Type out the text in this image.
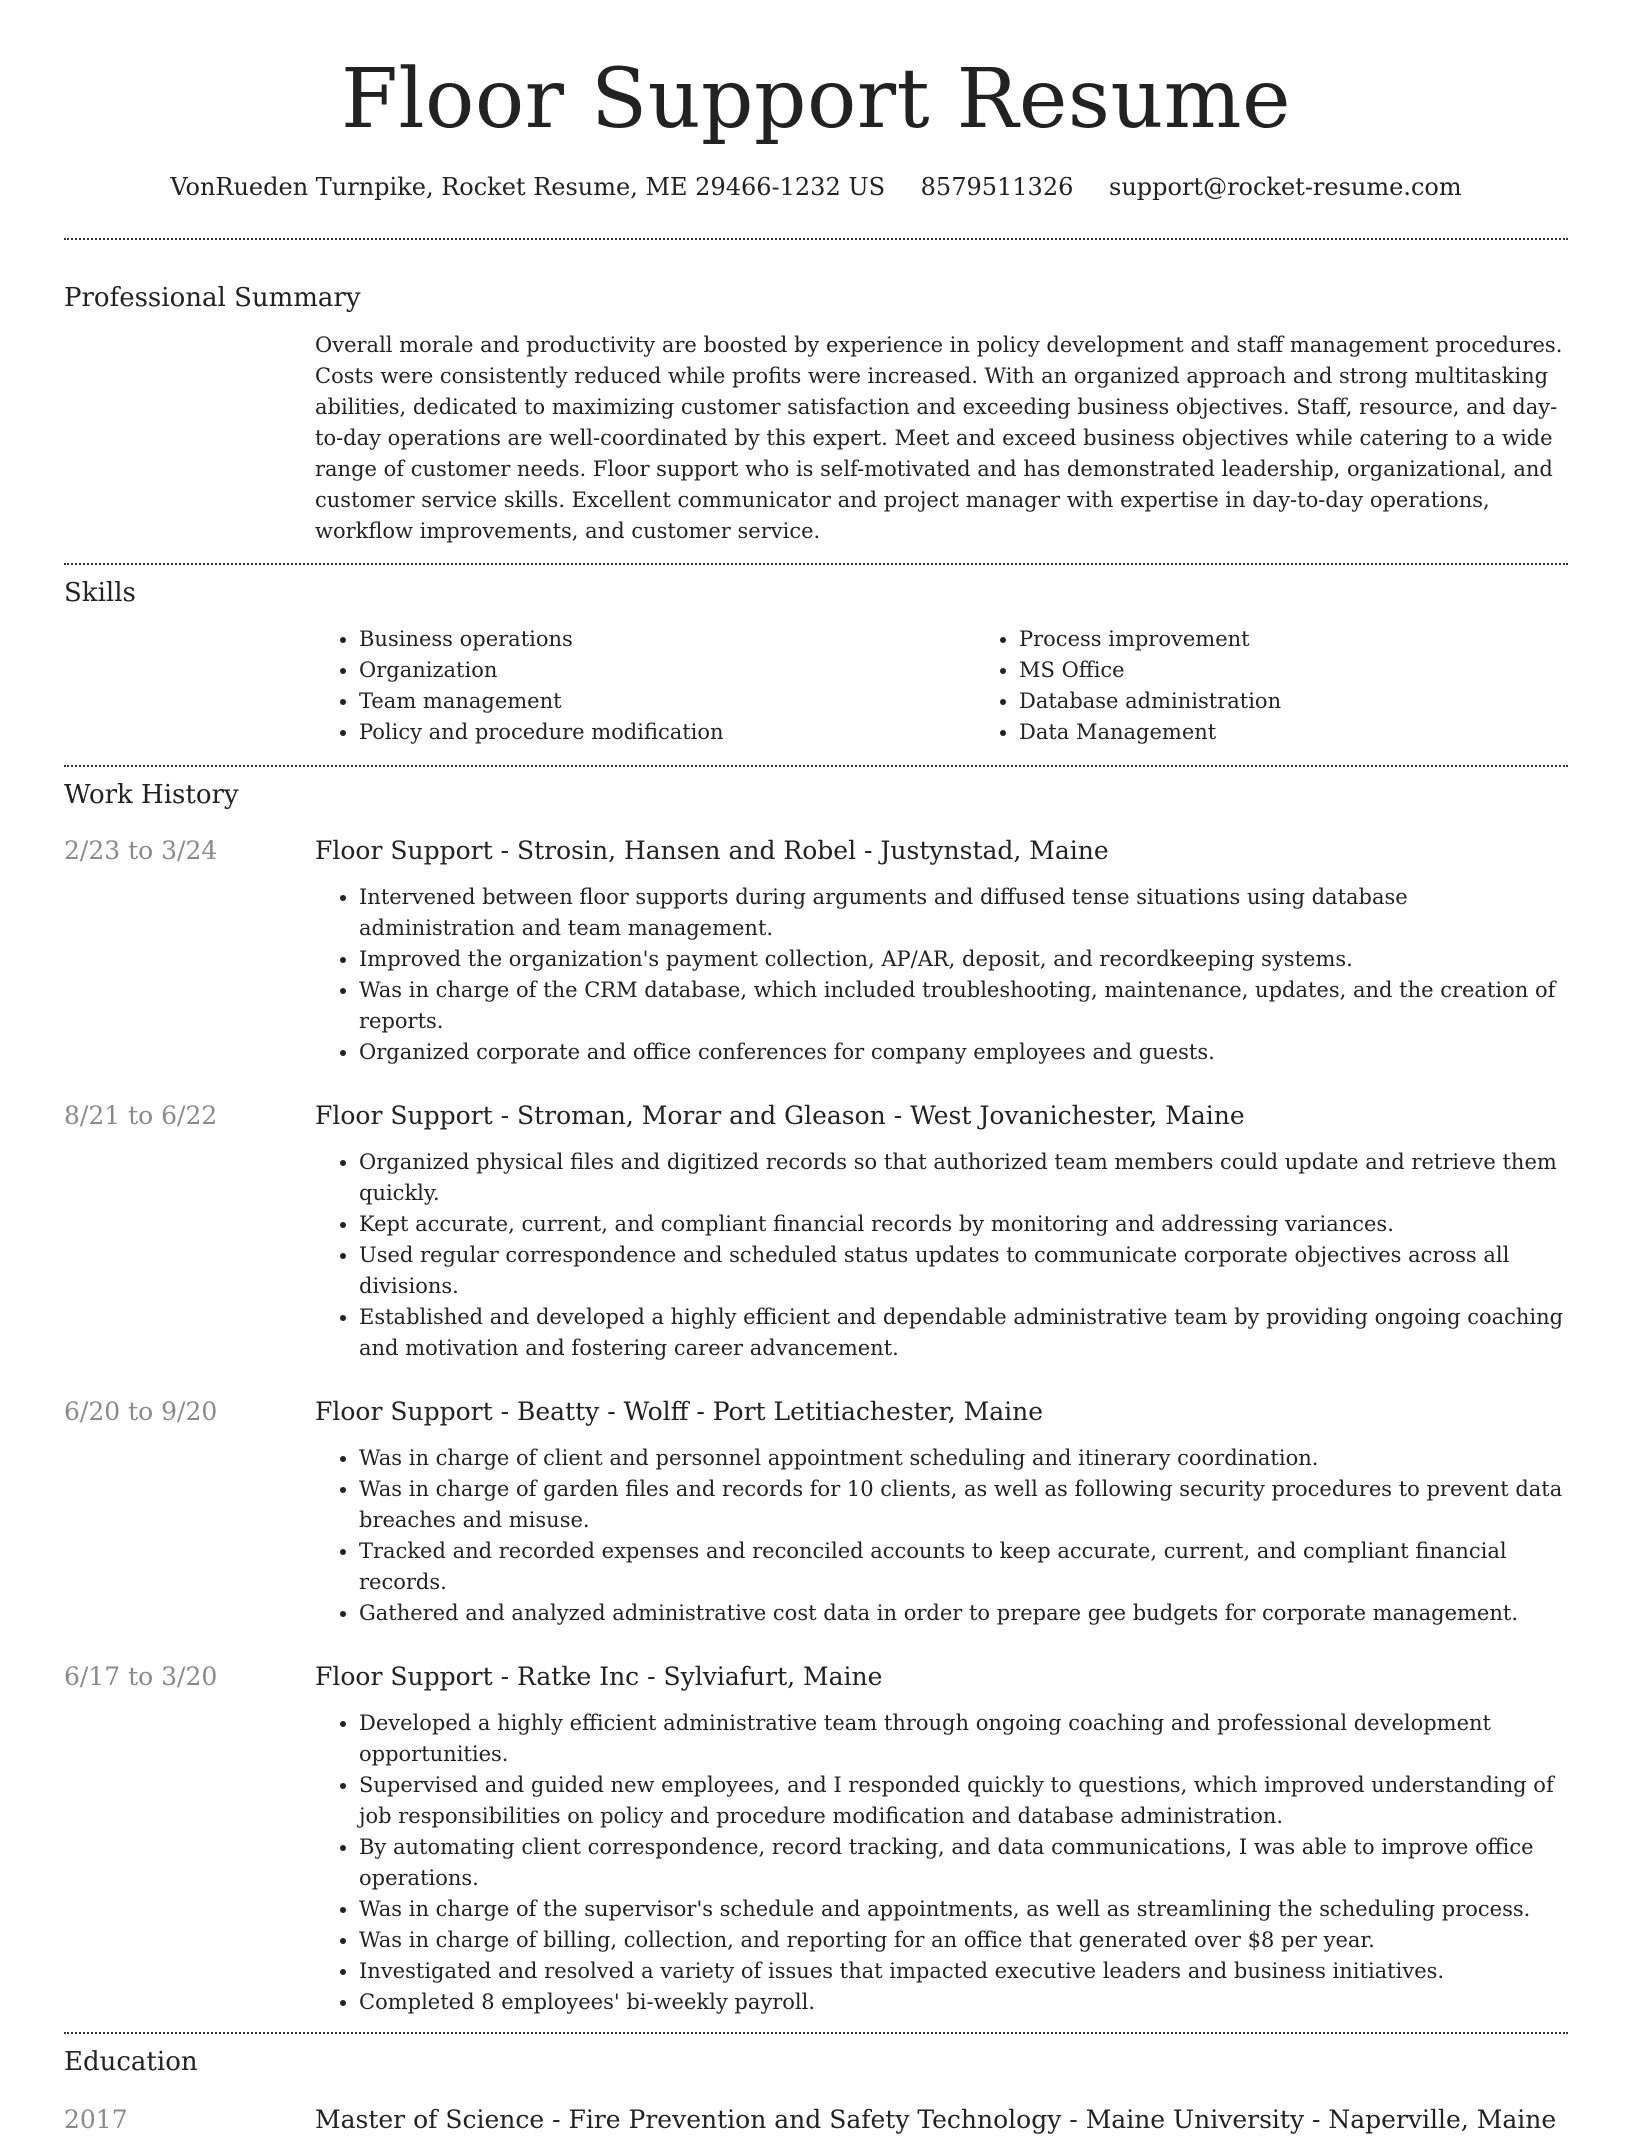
Floor Support Resume
VonRueden Turnpike, Rocket Resume, ME 29466-1232 US 8579511326 support@rocket-resume.com
Professional Summary

Overall morale and productivity are boosted by experience in policy development and staff management procedures. Costs were consistently reduced while profits were increased. With an organized approach and strong multitasking abilities, dedicated to maximizing customer satisfaction and exceeding business objectives. Staff, resource, and day-to-day operations are well-coordinated by this expert. Meet and exceed business objectives while catering to a wide range of customer needs. Floor support who is self-motivated and has demonstrated leadership, organizational, and customer service skills. Excellent communicator and project manager with expertise in day-to-day operations, workflow improvements, and customer service.

Skills
• Business operations
• Organization
• Team management
• Policy and procedure modification
• Process improvement
• MS Office
• Database administration
• Data Management
Work History
2/23 to 3/24	Floor Support - Strosin, Hansen and Robel - Justynstad, Maine
• Intervened between floor supports during arguments and diffused tense situations using database administration and team management.
• Improved the organization's payment collection, AP/AR, deposit, and recordkeeping systems.
• Was in charge of the CRM database, which included troubleshooting, maintenance, updates, and the creation of reports.
• Organized corporate and office conferences for company employees and guests.
8/21 to 6/22	Floor Support - Stroman, Morar and Gleason - West Jovanichester, Maine
• Organized physical files and digitized records so that authorized team members could update and retrieve them quickly.
• Kept accurate, current, and compliant financial records by monitoring and addressing variances.
• Used regular correspondence and scheduled status updates to communicate corporate objectives across all divisions.
• Established and developed a highly efficient and dependable administrative team by providing ongoing coaching and motivation and fostering career advancement.
6/20 to 9/20	Floor Support - Beatty - Wolff - Port Letitiachester, Maine
• Was in charge of client and personnel appointment scheduling and itinerary coordination.
• Was in charge of garden files and records for 10 clients, as well as following security procedures to prevent data breaches and misuse.
• Tracked and recorded expenses and reconciled accounts to keep accurate, current, and compliant financial records.
• Gathered and analyzed administrative cost data in order to prepare gee budgets for corporate management.
6/17 to 3/20	Floor Support - Ratke Inc - Sylviafurt, Maine
• Developed a highly efficient administrative team through ongoing coaching and professional development opportunities.
• Supervised and guided new employees, and I responded quickly to questions, which improved understanding of job responsibilities on policy and procedure modification and database administration.
• By automating client correspondence, record tracking, and data communications, I was able to improve office operations.
• Was in charge of the supervisor's schedule and appointments, as well as streamlining the scheduling process.
• Was in charge of billing, collection, and reporting for an office that generated over $8 per year.
• Investigated and resolved a variety of issues that impacted executive leaders and business initiatives.
• Completed 8 employees' bi-weekly payroll.
Education
2017	Master of Science - Fire Prevention and Safety Technology - Maine University - Naperville, Maine
